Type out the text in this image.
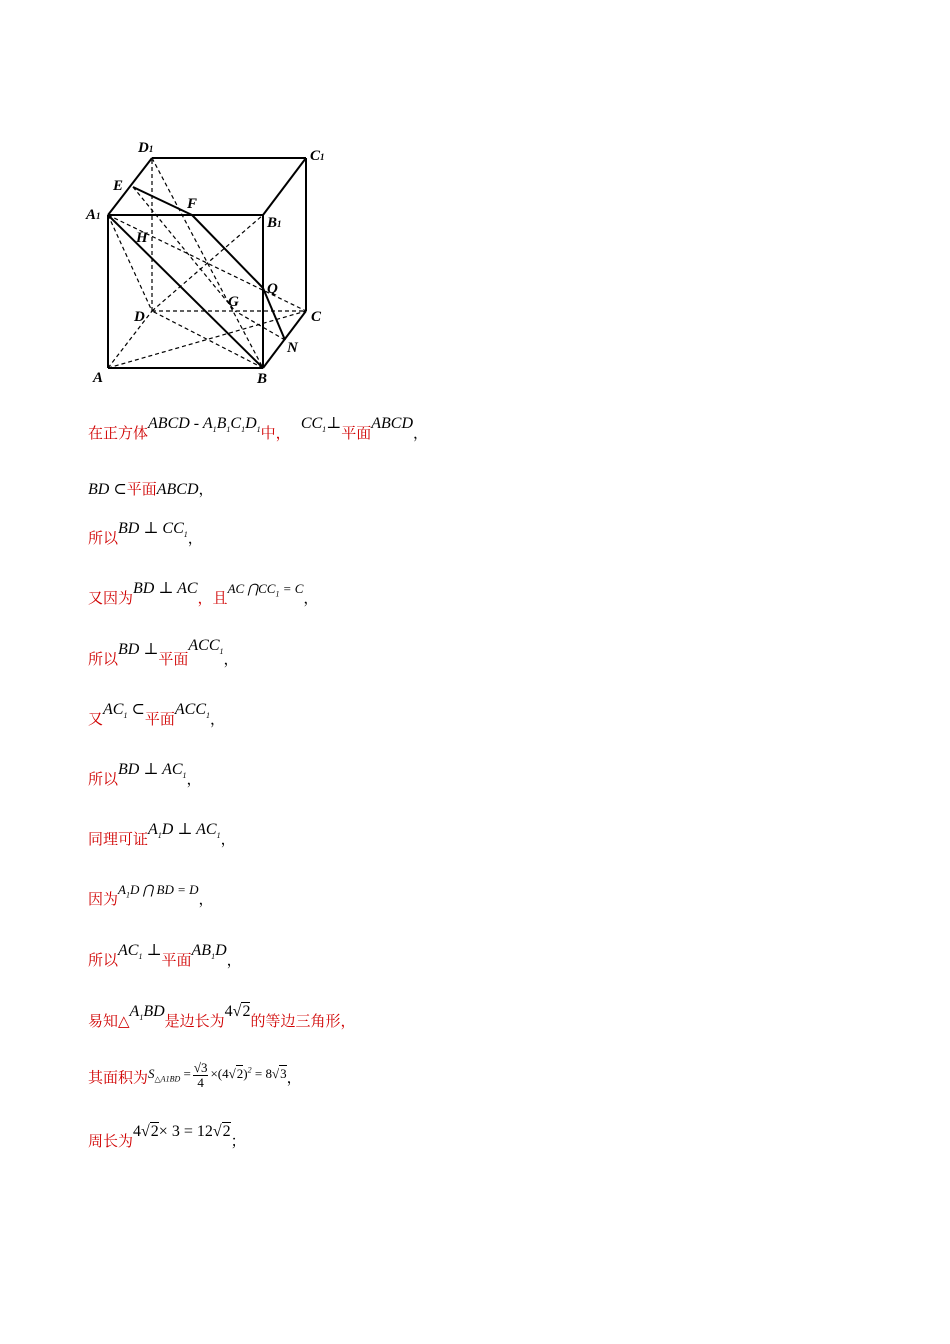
D1	C1
E
A1
F
B1
H
Q
G
D	C
N
A	B
在正方体ABCD - $A_1B_1C_1D_1$中，  $CC_1\perp$平面ABCD，
BD ⊂平面ABCD，
所以BD ⊥ $CC_1$，
又因为BD ⊥ AC，且$^{AC ⋂CC_1 = C}$，
所以BD ⊥平面$ACC_1$，
又$AC_1$ ⊂平面$ACC_1$，
所以BD ⊥ $AC_1$，
同理可证$A_1D$ ⊥ $AC_1$，
因为$^{A_1D ⋂ BD = D}$，
所以$AC_1$ ⊥平面$AB_1D$，
易知$\triangle A_1BD$是边长为4√2的等边三角形，
其面积为$^{S_{\triangle A1BD} = \frac{√3}{4} \times(4√2)^2 = 8√3}$，
周长为4√2× 3 = 12√2；
